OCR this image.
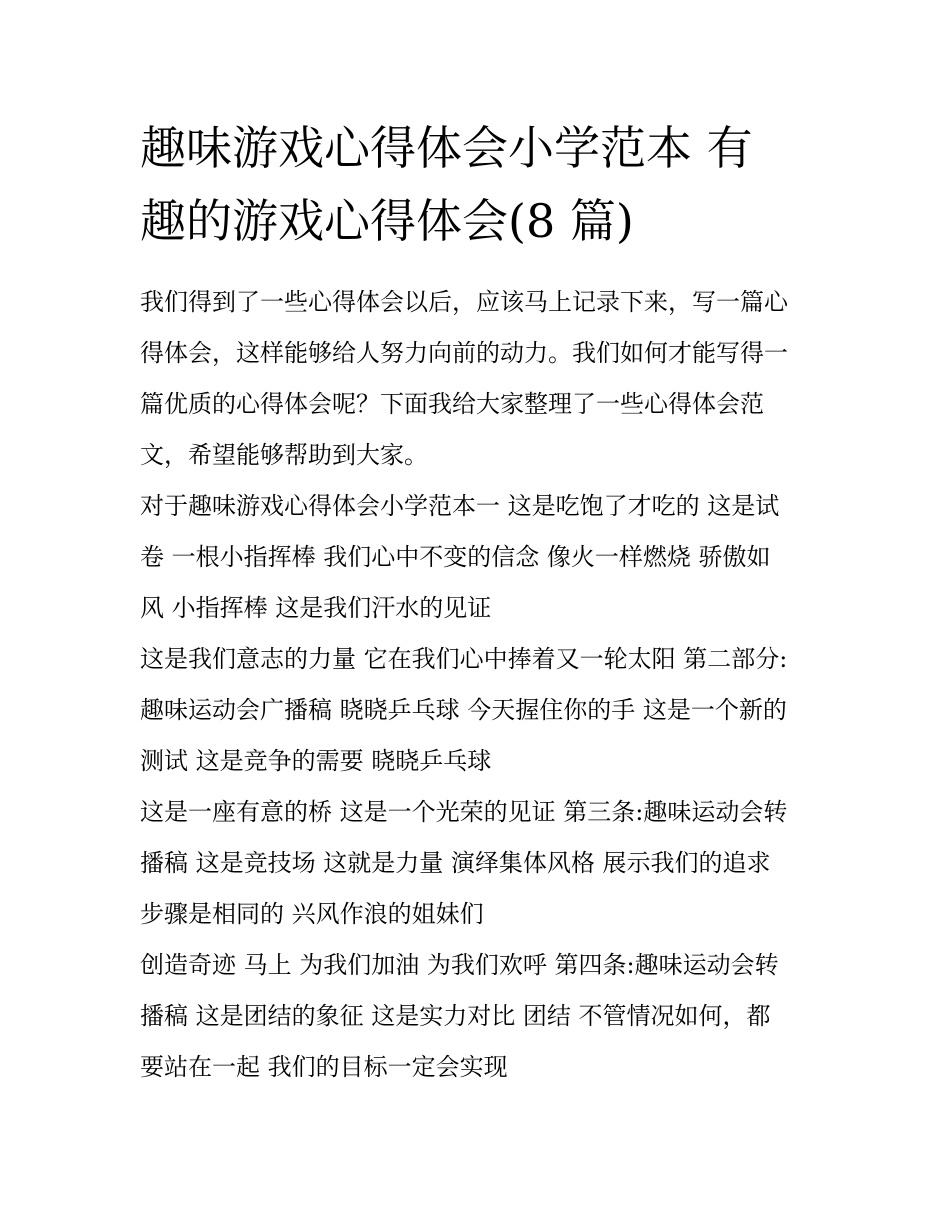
趣味游戏心得体会小学范本 有
趣的游戏心得体会(8 篇)
我们得到了一些心得体会以后，应该马上记录下来，写一篇心
得体会，这样能够给人努力向前的动力。我们如何才能写得一
篇优质的心得体会呢？下面我给大家整理了一些心得体会范
文，希望能够帮助到大家。
对于趣味游戏心得体会小学范本一 这是吃饱了才吃的 这是试
卷 一根小指挥棒 我们心中不变的信念 像火一样燃烧 骄傲如
风 小指挥棒 这是我们汗水的见证
这是我们意志的力量 它在我们心中捧着又一轮太阳 第二部分:
趣味运动会广播稿 晓晓乒乓球 今天握住你的手 这是一个新的
测试 这是竞争的需要 晓晓乒乓球
这是一座有意的桥 这是一个光荣的见证 第三条:趣味运动会转
播稿 这是竞技场 这就是力量 演绎集体风格 展示我们的追求
步骤是相同的 兴风作浪的姐妹们
创造奇迹 马上 为我们加油 为我们欢呼 第四条:趣味运动会转
播稿 这是团结的象征 这是实力对比 团结 不管情况如何，都
要站在一起 我们的目标一定会实现
